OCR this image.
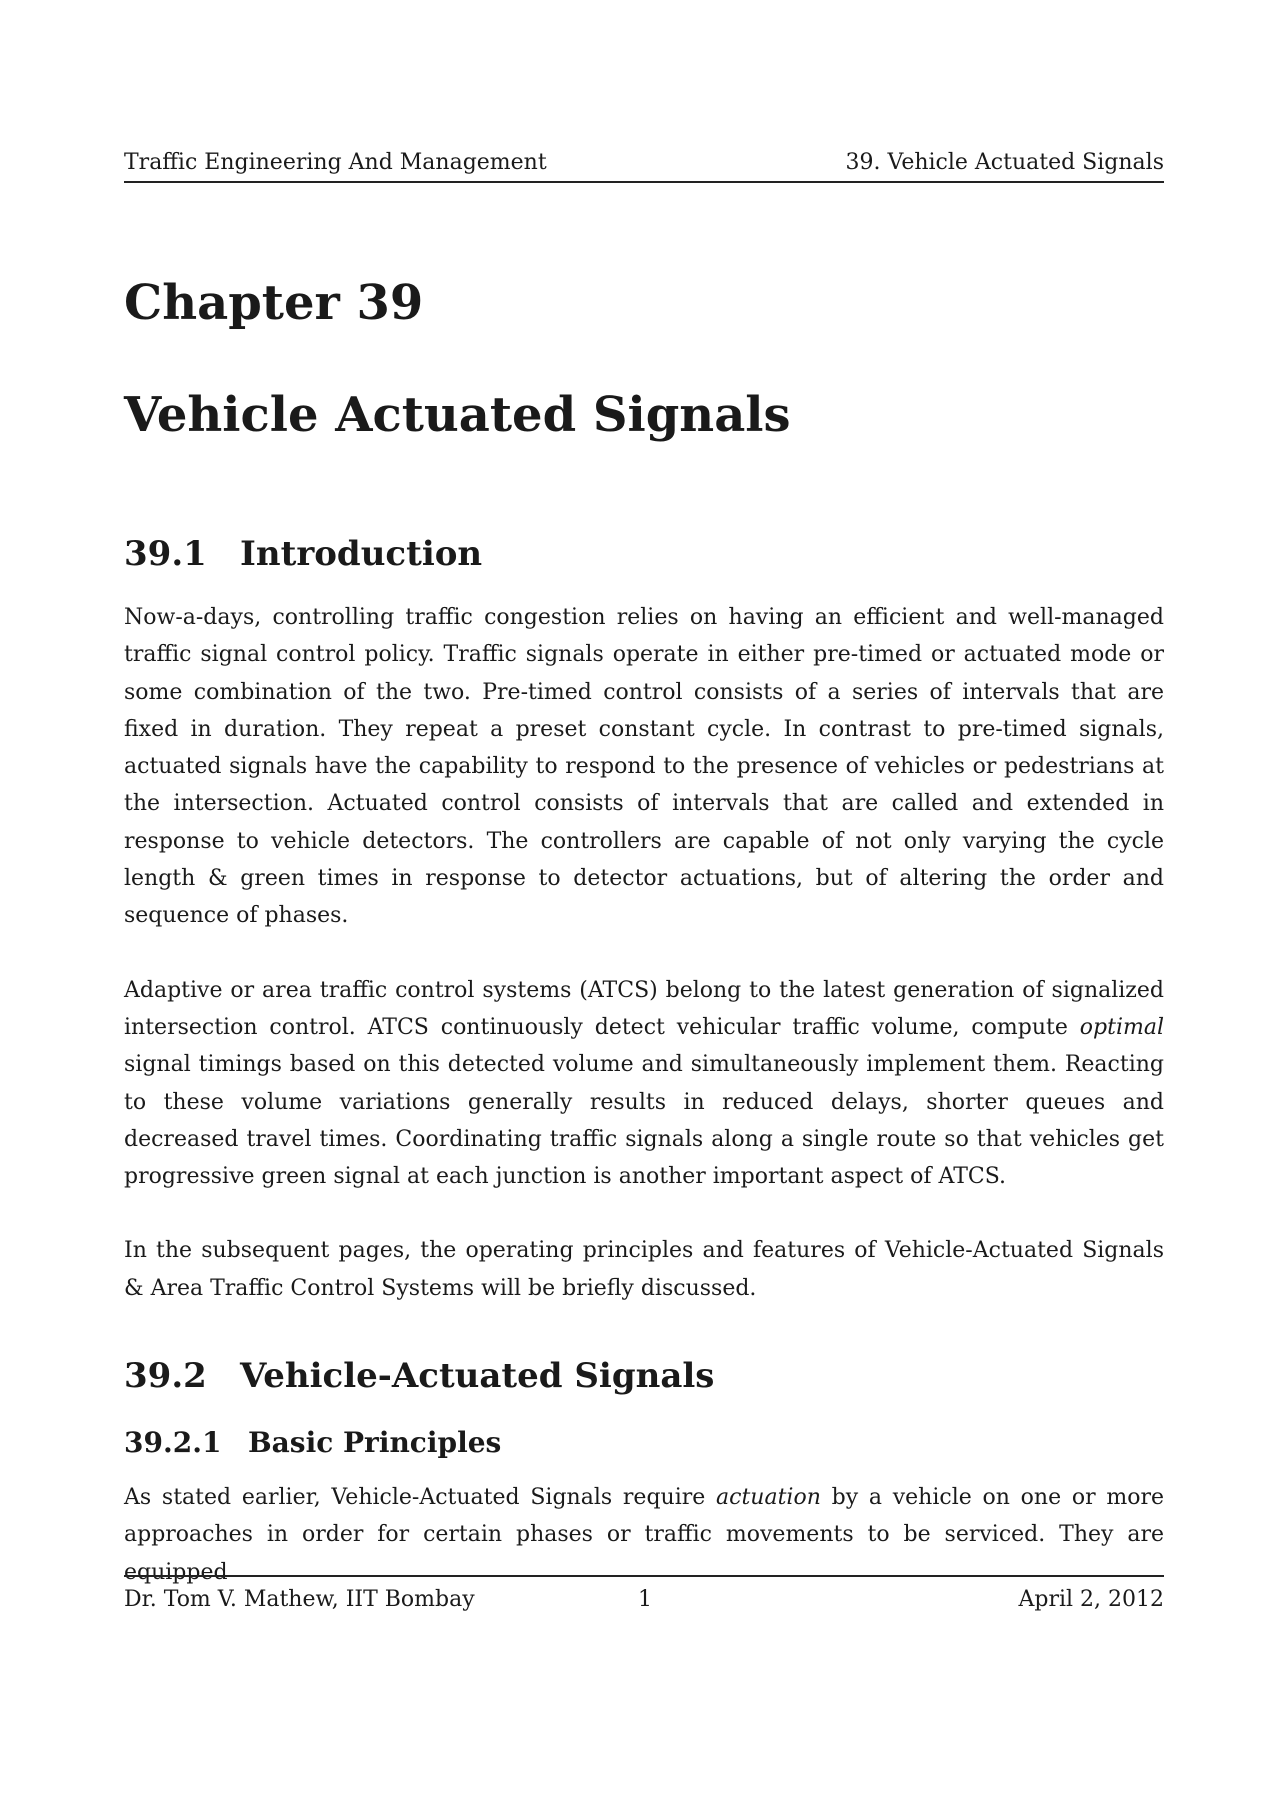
Traffic Engineering And Management	39. Vehicle Actuated Signals
Chapter 39
Vehicle Actuated Signals
39.1 Introduction

Now-a-days, controlling traffic congestion relies on having an efficient and well-managed traffic signal control policy. Traffic signals operate in either pre-timed or actuated mode or some combination of the two. Pre-timed control consists of a series of intervals that are fixed in duration. They repeat a preset constant cycle. In contrast to pre-timed signals, actuated signals have the capability to respond to the presence of vehicles or pedestrians at the intersection. Actuated control consists of intervals that are called and extended in response to vehicle detectors. The controllers are capable of not only varying the cycle length & green times in response to detector actuations, but of altering the order and sequence of phases.

Adaptive or area traffic control systems (ATCS) belong to the latest generation of signalized intersection control. ATCS continuously detect vehicular traffic volume, compute optimal signal timings based on this detected volume and simultaneously implement them. Reacting to these volume variations generally results in reduced delays, shorter queues and decreased travel times. Coordinating traffic signals along a single route so that vehicles get progressive green signal at each junction is another important aspect of ATCS.

In the subsequent pages, the operating principles and features of Vehicle-Actuated Signals & Area Traffic Control Systems will be briefly discussed.

39.2 Vehicle-Actuated Signals
39.2.1 Basic Principles

As stated earlier, Vehicle-Actuated Signals require actuation by a vehicle on one or more approaches in order for certain phases or traffic movements to be serviced. They are equipped

Dr. Tom V. Mathew, IIT Bombay	1	April 2, 2012
